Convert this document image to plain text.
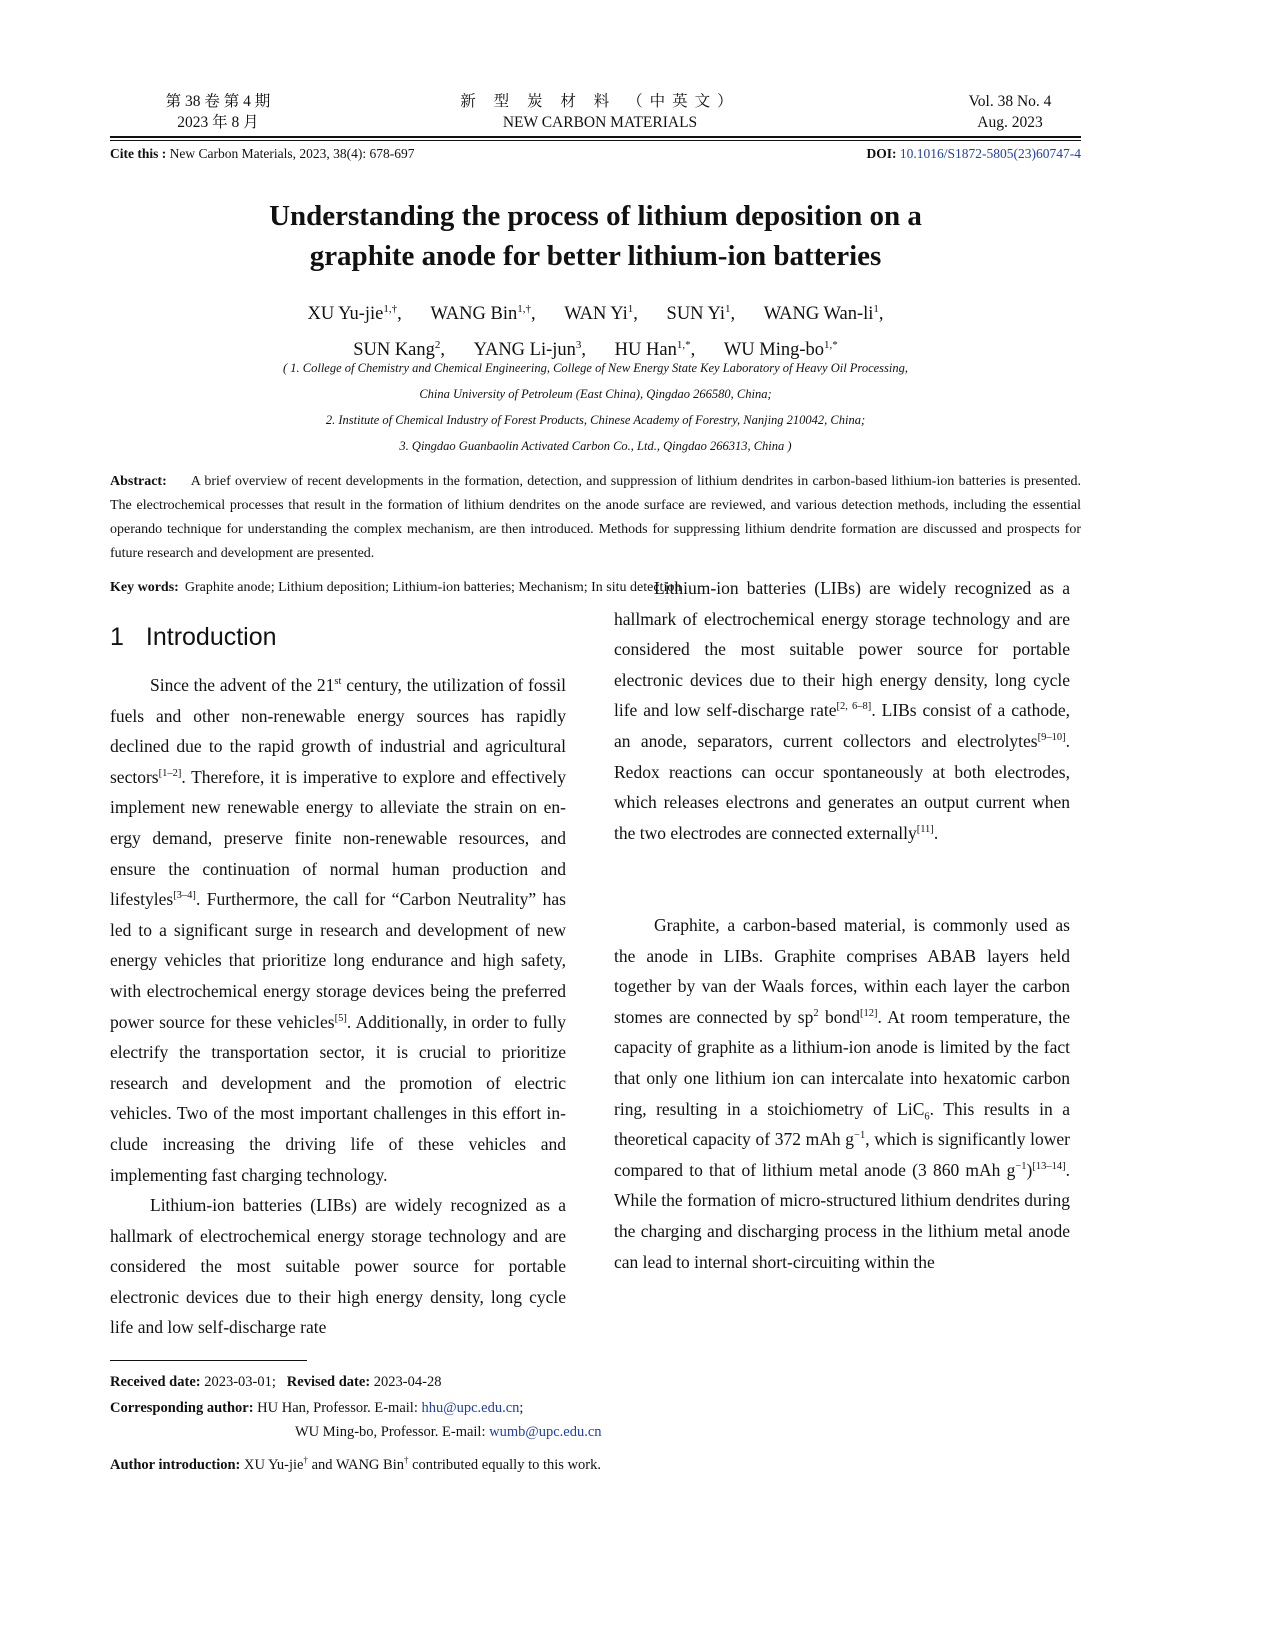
第 38 卷 第 4 期
2023 年 8 月
新 型 炭 材 料 （中英文）
NEW CARBON MATERIALS
Vol. 38 No. 4
Aug. 2023
Cite this : New Carbon Materials, 2023, 38(4): 678-697	DOI: 10.1016/S1872-5805(23)60747-4
Understanding the process of lithium deposition on a
graphite anode for better lithium-ion batteries
XU Yu-jie$^{1,\dagger}$, WANG Bin$^{1,\dagger}$, WAN Yi$^1$, SUN Yi$^1$, WANG Wan-$li^1$,
SUN Kang$^2$, YANG Li-jun$^3$, HU Han$^{1,*}$, WU Ming-$bo^{1,*}$
( 1. College of Chemistry and Chemical Engineering, College of New Energy State Key Laboratory of Heavy Oil Processing,
China University of Petroleum (East China), Qingdao 266580, China;
2. Institute of Chemical Industry of Forest Products, Chinese Academy of Forestry, Nanjing 210042, China;
3. Qingdao Guanbaolin Activated Carbon Co., Ltd., Qingdao 266313, China )
Abstract: A brief overview of recent developments in the formation, detection, and suppression of lithium dendrites in carbon-based lithium-ion batteries is presented. The electrochemical processes that result in the formation of lithium dendrites on the anode surface are reviewed, and various detection methods, including the essential operando technique for understanding the complex mechanism, are then introduced. Methods for suppressing lithium dendrite formation are discussed and prospects for future research and development are presented.
Key words: Graphite anode; Lithium deposition; Lithium-ion batteries; Mechanism; In situ detection
1 Introduction

Since the advent of the 21st century, the utilization of fossil fuels and other non-renewable energy sources has rapidly declined due to the rapid growth of industrial and agricultural sectors[1–2]. Therefore, it is imperative to explore and effectively implement new renewable energy to alleviate the strain on energy demand, preserve finite non-renewable resources, and ensure the continuation of normal human production and lifestyles[3–4]. Furthermore, the call for “Carbon Neutrality” has led to a significant surge in research and development of new energy vehicles that prioritize long endurance and high safety, with electrochemical energy storage devices being the preferred power source for these vehicles[5]. Additionally, in order to fully electrify the transportation sector, it is crucial to prioritize research and development and the promotion of electric vehicles. Two of the most important challenges in this effort include increasing the driving life of these vehicles and implementing fast charging technology.

Lithium-ion batteries (LIBs) are widely recognized as a hallmark of electrochemical energy storage technology and are considered the most suitable power source for portable electronic devices due to their high energy density, long cycle life and low self-discharge rate

Lithium-ion batteries (LIBs) are widely recognized as a hallmark of electrochemical energy storage technology and are considered the most suitable power source for portable electronic devices due to their high energy density, long cycle life and low self-discharge rate[2, 6–8]. LIBs consist of a cathode, an anode, separators, current collectors and electrolytes[9–10]. Redox reactions can occur spontaneously at both electrodes, which releases electrons and generates an output current when the two electrodes are connected externally[11].

Graphite, a carbon-based material, is commonly used as the anode in LIBs. Graphite comprises ABAB layers held together by van der Waals forces, within each layer the carbon stomes are connected by $sp^2$ bond[12]. At room temperature, the capacity of graphite as a lithium-ion anode is limited by the fact that only one lithium ion can intercalate into hexatomic carbon ring, resulting in a stoichiometry of LiC$_6$. This results in a theoretical capacity of 372 mAh $g^{-1}$, which is significantly lower compared to that of lithium metal anode (3 860 mAh $g^{-1})[13-14]$. While the formation of micro-structured lithium dendrites during the charging and discharging process in the lithium metal anode can lead to internal short-circuiting within the

Received date: 2023-03-01; Revised date: 2023-04-28
Corresponding author: HU Han, Professor. E-mail: hhu@upc.edu.cn;
WU Ming-bo, Professor. E-mail: wumb@upc.edu.cn
Author introduction: XU Yu-jie† and WANG Bin† contributed equally to this work.
